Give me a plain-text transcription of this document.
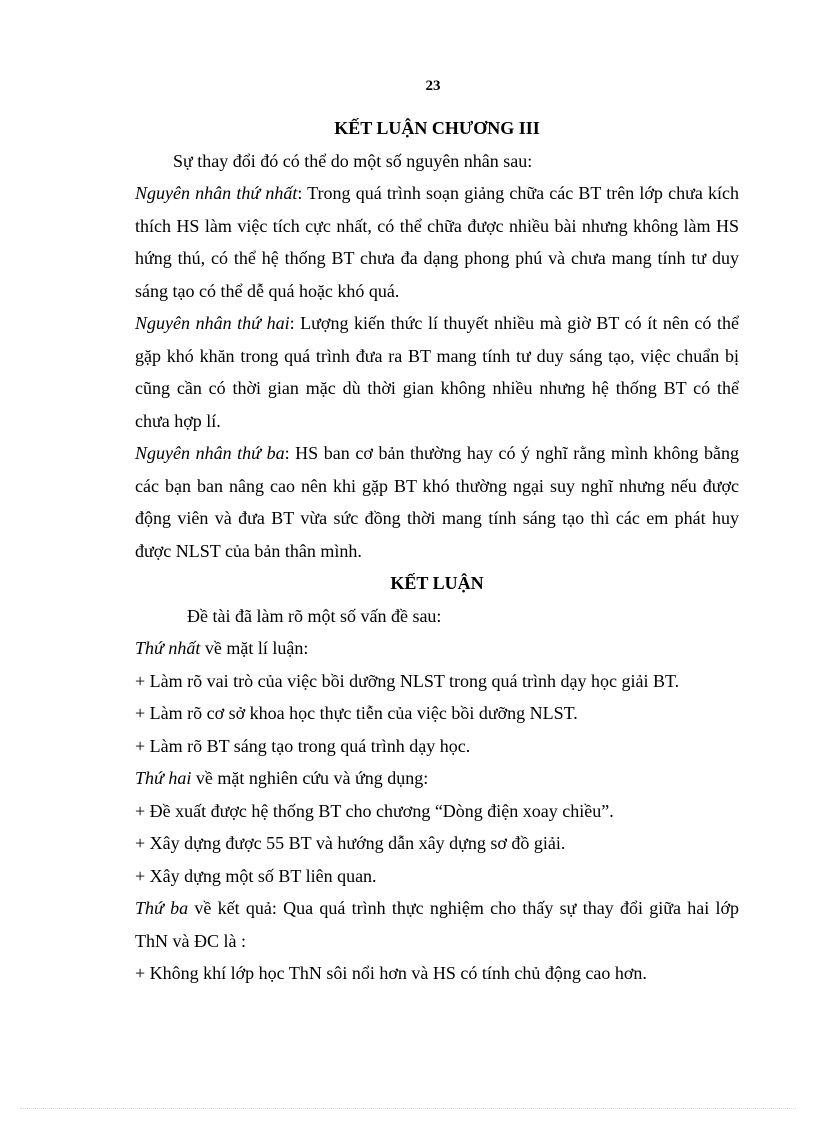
23

KẾT LUẬN CHƯƠNG III

Sự thay đổi đó có thể do một số nguyên nhân sau:

Nguyên nhân thứ nhất: Trong quá trình soạn giảng chữa các BT trên lớp chưa kích thích HS làm việc tích cực nhất, có thể chữa được nhiều bài nhưng không làm HS hứng thú, có thể hệ thống BT chưa đa dạng phong phú và chưa mang tính tư duy sáng tạo có thể dễ quá hoặc khó quá.

Nguyên nhân thứ hai: Lượng kiến thức lí thuyết nhiều mà giờ BT có ít nên có thể gặp khó khăn trong quá trình đưa ra BT mang tính tư duy sáng tạo, việc chuẩn bị cũng cần có thời gian mặc dù thời gian không nhiều nhưng hệ thống BT có thể chưa hợp lí.

Nguyên nhân thứ ba: HS ban cơ bản thường hay có ý nghĩ rằng mình không bằng các bạn ban nâng cao nên khi gặp BT khó thường ngại suy nghĩ nhưng nếu được động viên và đưa BT vừa sức đồng thời mang tính sáng tạo thì các em phát huy được NLST của bản thân mình.

KẾT LUẬN

Đề tài đã làm rõ một số vấn đề sau:

Thứ nhất về mặt lí luận:

+ Làm rõ vai trò của việc bồi dưỡng NLST trong quá trình dạy học giải BT.

+ Làm rõ cơ sở khoa học thực tiễn của việc bồi dưỡng NLST.

+ Làm rõ BT sáng tạo trong quá trình dạy học.

Thứ hai về mặt nghiên cứu và ứng dụng:

+ Đề xuất được hệ thống BT cho chương “Dòng điện xoay chiều”.

+ Xây dựng được 55 BT và hướng dẫn xây dựng sơ đồ giải.

+ Xây dựng một số BT liên quan.

Thứ ba về kết quả: Qua quá trình thực nghiệm cho thấy sự thay đổi giữa hai lớp ThN và ĐC là :

+ Không khí lớp học ThN sôi nổi hơn và HS có tính chủ động cao hơn.
